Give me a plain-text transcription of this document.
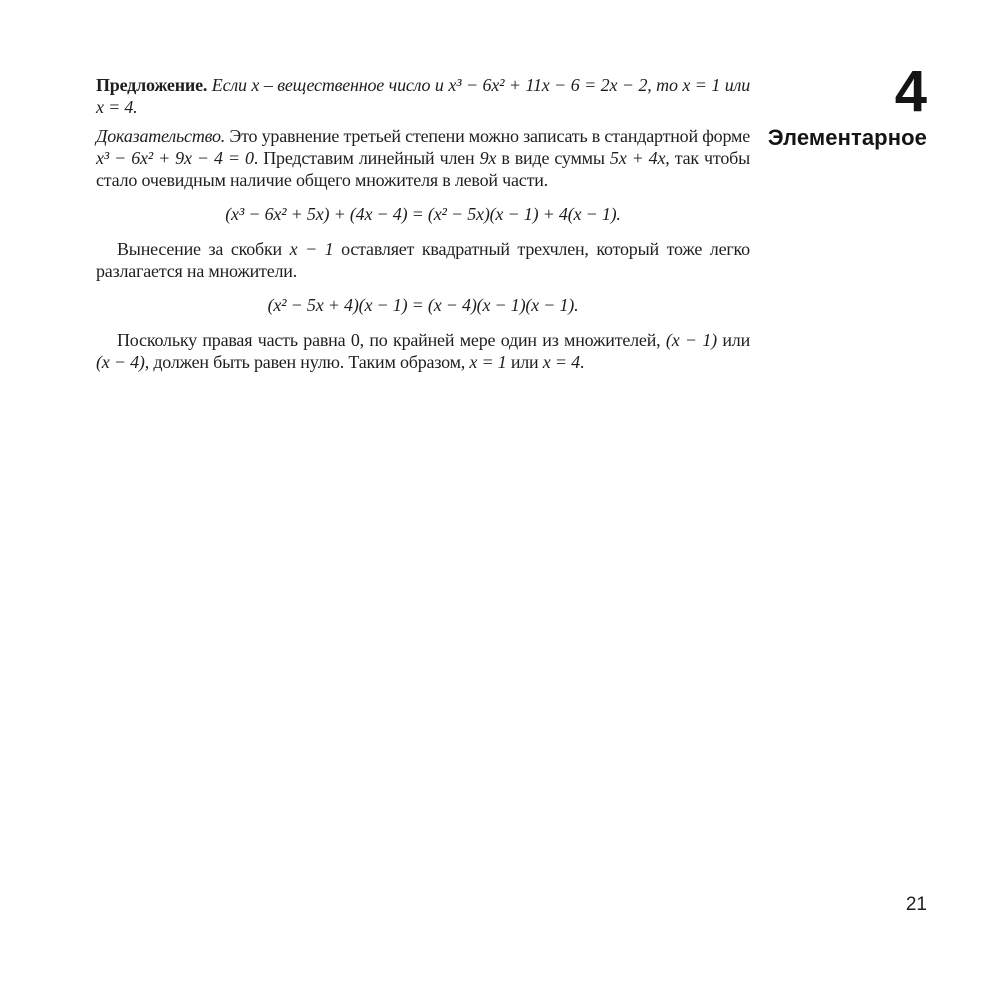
Предложение. Если x – вещественное число и x³ − 6x² + 11x − 6 = 2x − 2, то x = 1 или x = 4.

Доказательство. Это уравнение третьей степени можно записать в стандартной форме x³ − 6x² + 9x − 4 = 0. Представим линейный член 9x в виде суммы 5x + 4x, так чтобы стало очевидным наличие общего множителя в левой части.

(x³ − 6x² + 5x) + (4x − 4) = (x² − 5x)(x − 1) + 4(x − 1).

Вынесение за скобки x − 1 оставляет квадратный трехчлен, который тоже легко разлагается на множители.

(x² − 5x + 4)(x − 1) = (x − 4)(x − 1)(x − 1).

Поскольку правая часть равна 0, по крайней мере один из множителей, (x − 1) или (x − 4), должен быть равен нулю. Таким образом, x = 1 или x = 4.

4
Элементарное
21
